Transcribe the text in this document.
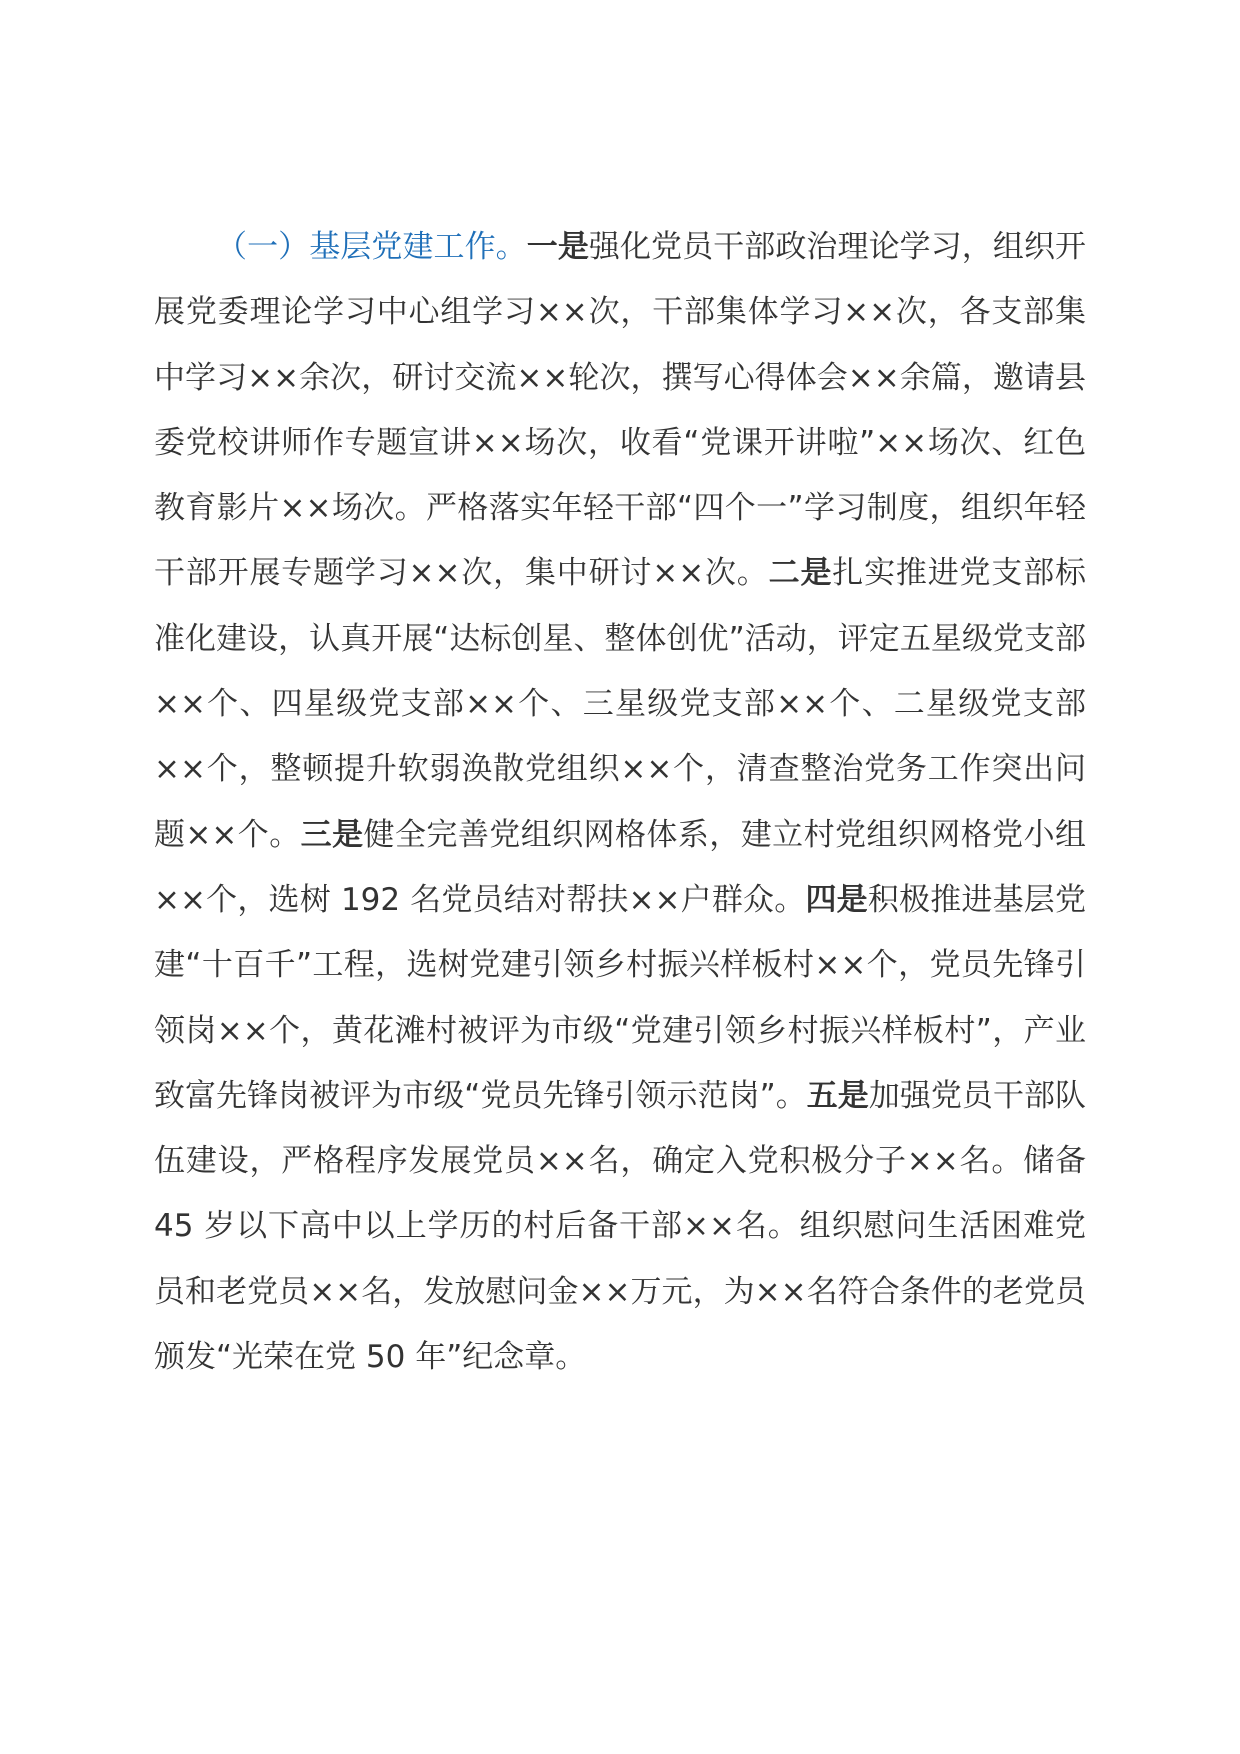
（一）基层党建工作。一是强化党员干部政治理论学习，组织开展党委理论学习中心组学习××次，干部集体学习××次，各支部集中学习××余次，研讨交流××轮次，撰写心得体会××余篇，邀请县委党校讲师作专题宣讲××场次，收看“党课开讲啦”××场次、红色教育影片××场次。严格落实年轻干部“四个一”学习制度，组织年轻干部开展专题学习××次，集中研讨××次。二是扎实推进党支部标准化建设，认真开展“达标创星、整体创优”活动，评定五星级党支部××个、四星级党支部××个、三星级党支部××个、二星级党支部××个，整顿提升软弱涣散党组织××个，清查整治党务工作突出问题××个。三是健全完善党组织网格体系，建立村党组织网格党小组××个，选树 192 名党员结对帮扶××户群众。四是积极推进基层党建“十百千”工程，选树党建引领乡村振兴样板村××个，党员先锋引领岗××个，黄花滩村被评为市级“党建引领乡村振兴样板村”，产业致富先锋岗被评为市级“党员先锋引领示范岗”。五是加强党员干部队伍建设，严格程序发展党员××名，确定入党积极分子××名。储备 45 岁以下高中以上学历的村后备干部××名。组织慰问生活困难党员和老党员××名，发放慰问金××万元，为××名符合条件的老党员颁发“光荣在党 50 年”纪念章。
